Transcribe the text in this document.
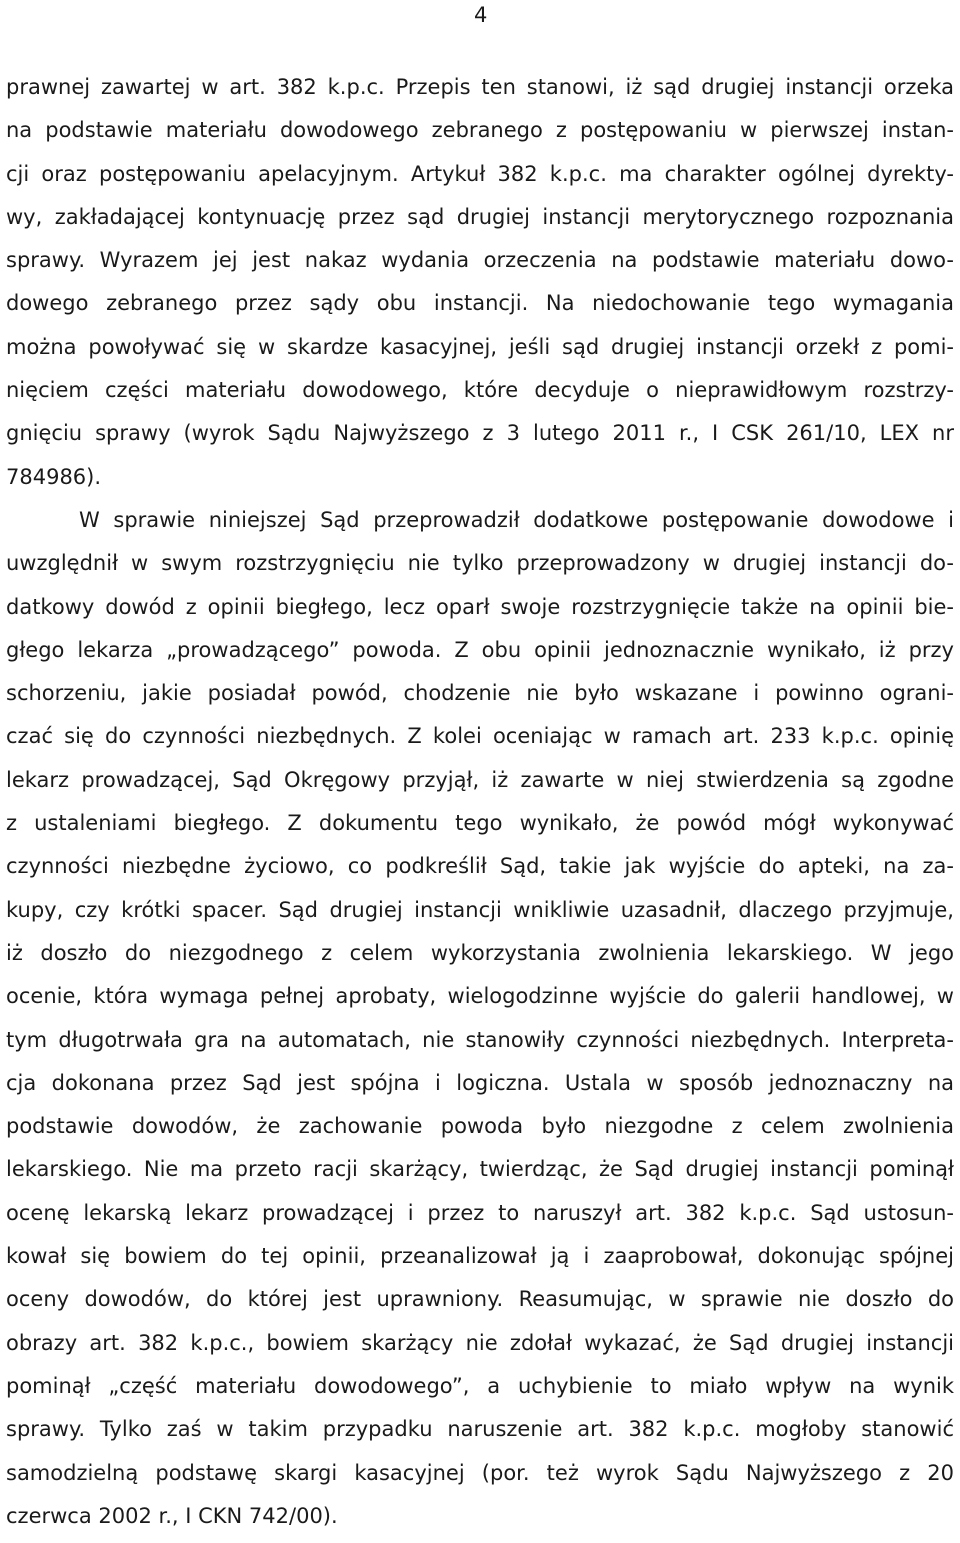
4
prawnej zawartej w art. 382 k.p.c. Przepis ten stanowi, iż sąd drugiej instancji orzeka
na podstawie materiału dowodowego zebranego z postępowaniu w pierwszej instan-
cji oraz postępowaniu apelacyjnym. Artykuł 382 k.p.c. ma charakter ogólnej dyrekty-
wy, zakładającej kontynuację przez sąd drugiej instancji merytorycznego rozpoznania
sprawy. Wyrazem jej jest nakaz wydania orzeczenia na podstawie materiału dowo-
dowego zebranego przez sądy obu instancji. Na niedochowanie tego wymagania
można powoływać się w skardze kasacyjnej, jeśli sąd drugiej instancji orzekł z pomi-
nięciem części materiału dowodowego, które decyduje o nieprawidłowym rozstrzy-
gnięciu sprawy (wyrok Sądu Najwyższego z 3 lutego 2011 r., I CSK 261/10, LEX nr
784986).
W sprawie niniejszej Sąd przeprowadził dodatkowe postępowanie dowodowe i
uwzględnił w swym rozstrzygnięciu nie tylko przeprowadzony w drugiej instancji do-
datkowy dowód z opinii biegłego, lecz oparł swoje rozstrzygnięcie także na opinii bie-
głego lekarza „prowadzącego” powoda. Z obu opinii jednoznacznie wynikało, iż przy
schorzeniu, jakie posiadał powód, chodzenie nie było wskazane i powinno ograni-
czać się do czynności niezbędnych. Z kolei oceniając w ramach art. 233 k.p.c. opinię
lekarz prowadzącej, Sąd Okręgowy przyjął, iż zawarte w niej stwierdzenia są zgodne
z ustaleniami biegłego. Z dokumentu tego wynikało, że powód mógł wykonywać
czynności niezbędne życiowo, co podkreślił Sąd, takie jak wyjście do apteki, na za-
kupy, czy krótki spacer. Sąd drugiej instancji wnikliwie uzasadnił, dlaczego przyjmuje,
iż doszło do niezgodnego z celem wykorzystania zwolnienia lekarskiego. W jego
ocenie, która wymaga pełnej aprobaty, wielogodzinne wyjście do galerii handlowej, w
tym długotrwała gra na automatach, nie stanowiły czynności niezbędnych. Interpreta-
cja dokonana przez Sąd jest spójna i logiczna. Ustala w sposób jednoznaczny na
podstawie dowodów, że zachowanie powoda było niezgodne z celem zwolnienia
lekarskiego. Nie ma przeto racji skarżący, twierdząc, że Sąd drugiej instancji pominął
ocenę lekarską lekarz prowadzącej i przez to naruszył art. 382 k.p.c. Sąd ustosun-
kował się bowiem do tej opinii, przeanalizował ją i zaaprobował, dokonując spójnej
oceny dowodów, do której jest uprawniony. Reasumując, w sprawie nie doszło do
obrazy art. 382 k.p.c., bowiem skarżący nie zdołał wykazać, że Sąd drugiej instancji
pominął „część materiału dowodowego”, a uchybienie to miało wpływ na wynik
sprawy. Tylko zaś w takim przypadku naruszenie art. 382 k.p.c. mogłoby stanowić
samodzielną podstawę skargi kasacyjnej (por. też wyrok Sądu Najwyższego z 20
czerwca 2002 r., I CKN 742/00).
